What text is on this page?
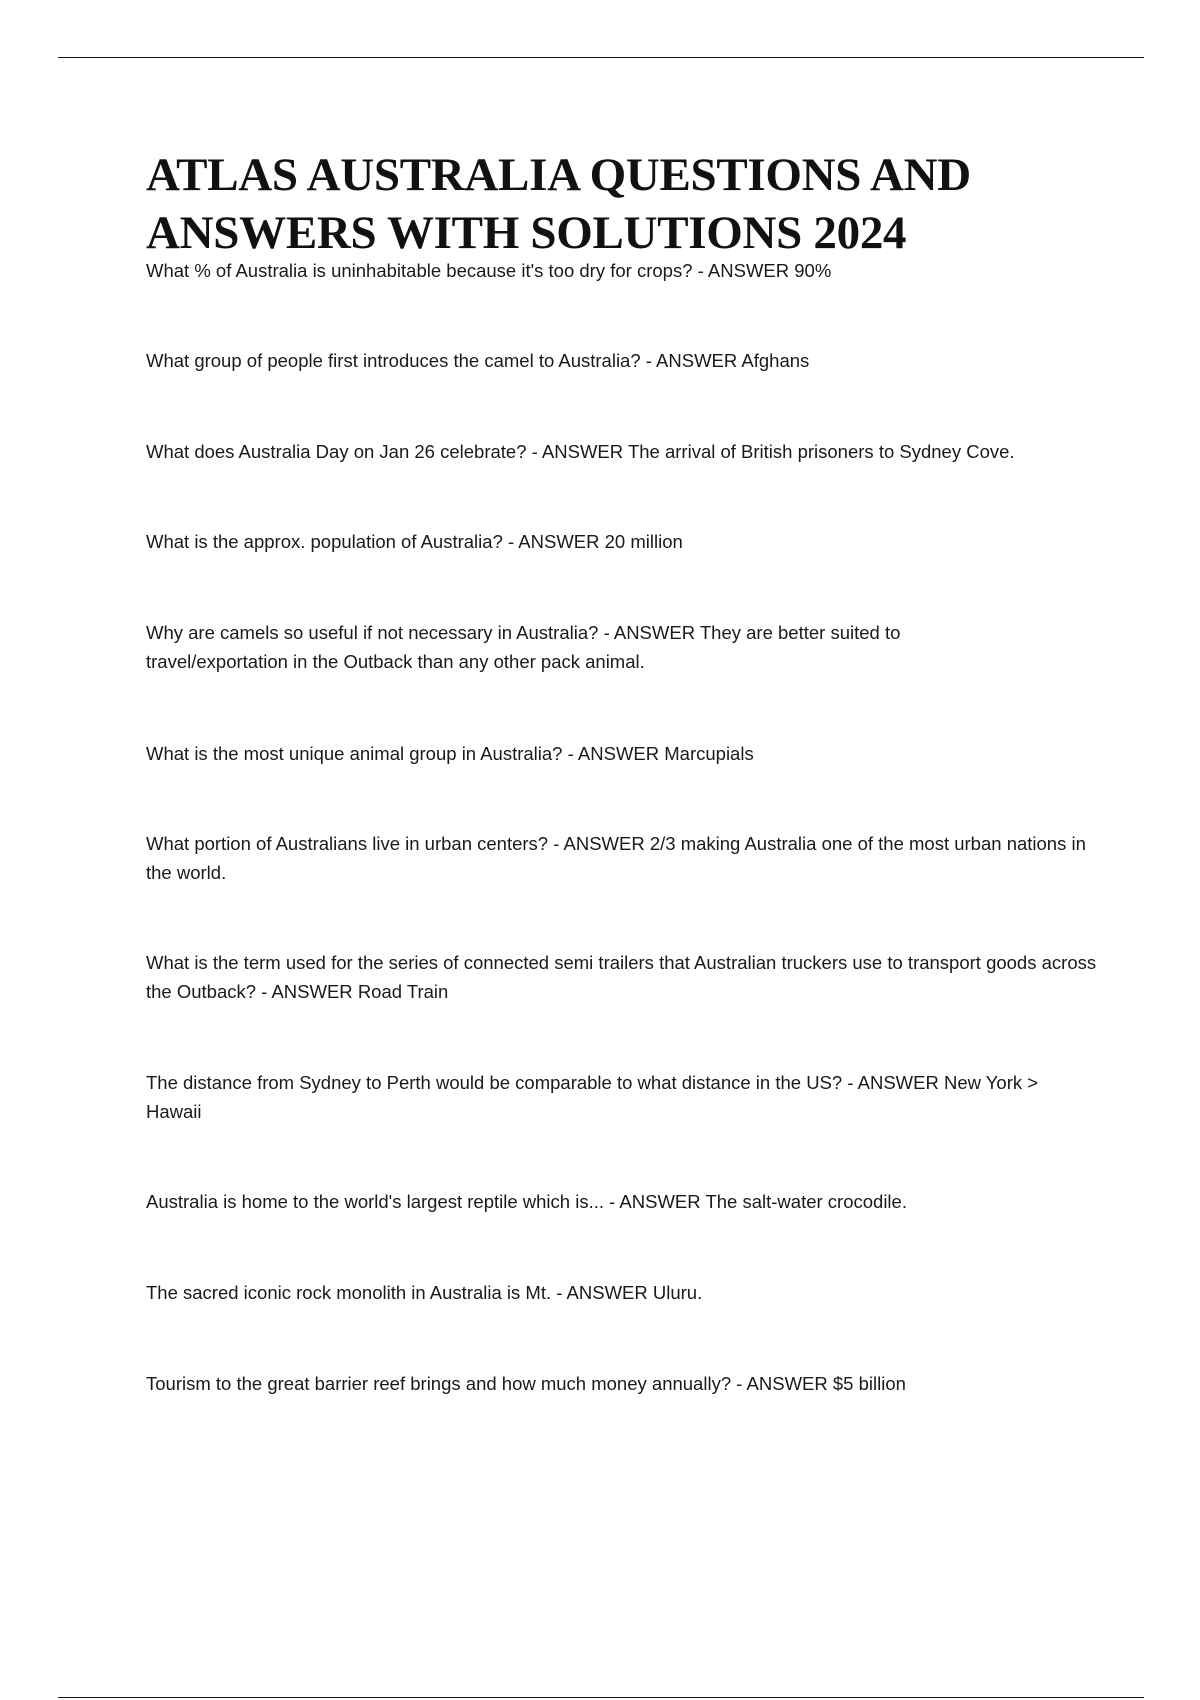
ATLAS AUSTRALIA QUESTIONS AND ANSWERS WITH SOLUTIONS 2024
What % of Australia is uninhabitable because it's too dry for crops? - ANSWER 90%
What group of people first introduces the camel to Australia? - ANSWER Afghans
What does Australia Day on Jan 26 celebrate? - ANSWER The arrival of British prisoners to Sydney Cove.
What is the approx. population of Australia? - ANSWER 20 million
Why are camels so useful if not necessary in Australia? - ANSWER They are better suited to travel/exportation in the Outback than any other pack animal.
What is the most unique animal group in Australia? - ANSWER Marcupials
What portion of Australians live in urban centers? - ANSWER 2/3 making Australia one of the most urban nations in the world.
What is the term used for the series of connected semi trailers that Australian truckers use to transport goods across the Outback? - ANSWER Road Train
The distance from Sydney to Perth would be comparable to what distance in the US? - ANSWER New York > Hawaii
Australia is home to the world's largest reptile which is... - ANSWER The salt-water crocodile.
The sacred iconic rock monolith in Australia is Mt. - ANSWER Uluru.
Tourism to the great barrier reef brings and how much money annually? - ANSWER $5 billion
